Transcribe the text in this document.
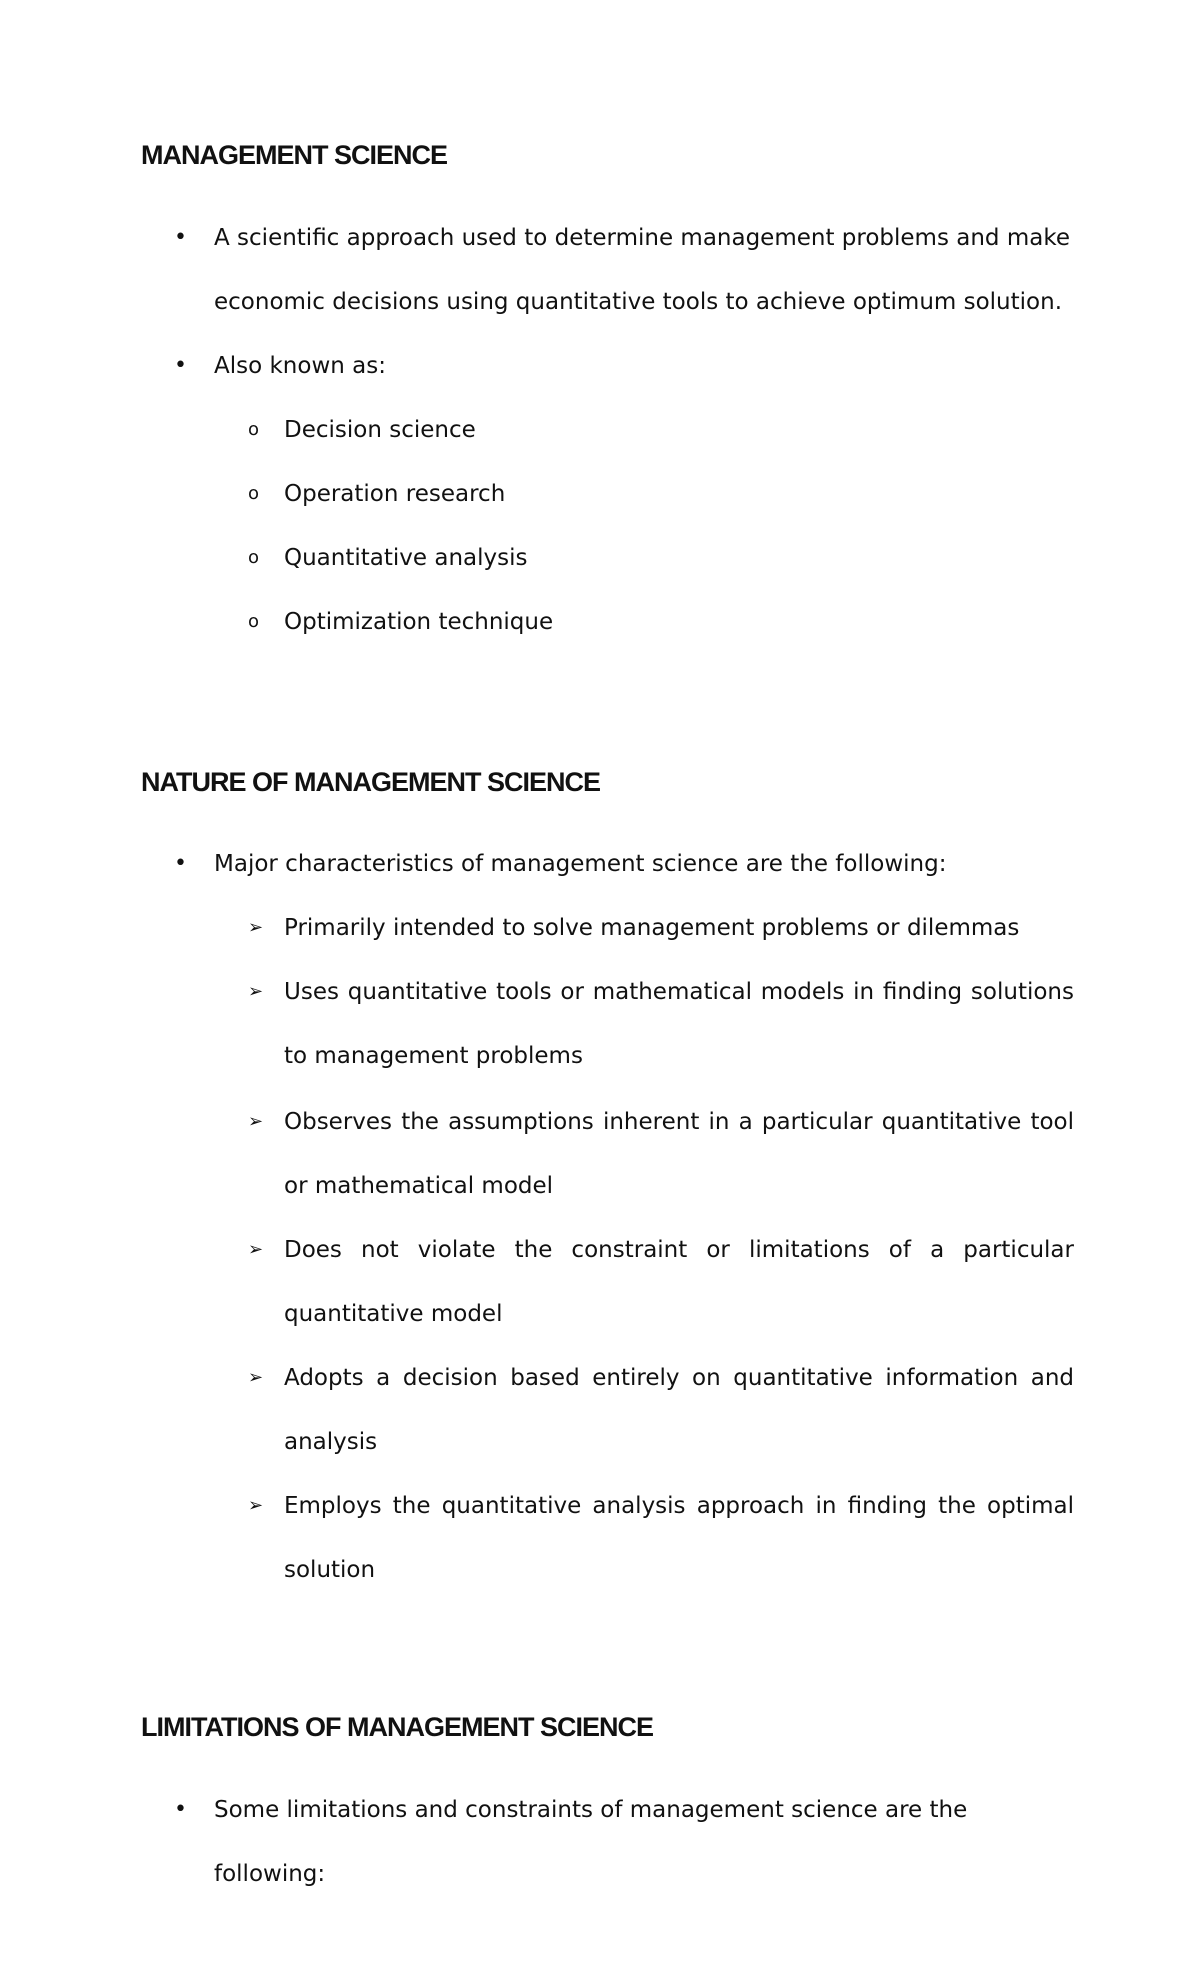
MANAGEMENT SCIENCE
•	A scientific approach used to determine management problems and make economic decisions using quantitative tools to achieve optimum solution.
•	Also known as:
o	Decision science
o	Operation research
o	Quantitative analysis
o	Optimization technique
NATURE OF MANAGEMENT SCIENCE
•	Major characteristics of management science are the following:
➢ Primarily intended to solve management problems or dilemmas
➢ Uses quantitative tools or mathematical models in finding solutions to management problems
➢ Observes the assumptions inherent in a particular quantitative tool or mathematical model
➢ Does not violate the constraint or limitations of a particular quantitative model
➢ Adopts a decision based entirely on quantitative information and analysis
➢ Employs the quantitative analysis approach in finding the optimal solution
LIMITATIONS OF MANAGEMENT SCIENCE
•	Some limitations and constraints of management science are the following:
